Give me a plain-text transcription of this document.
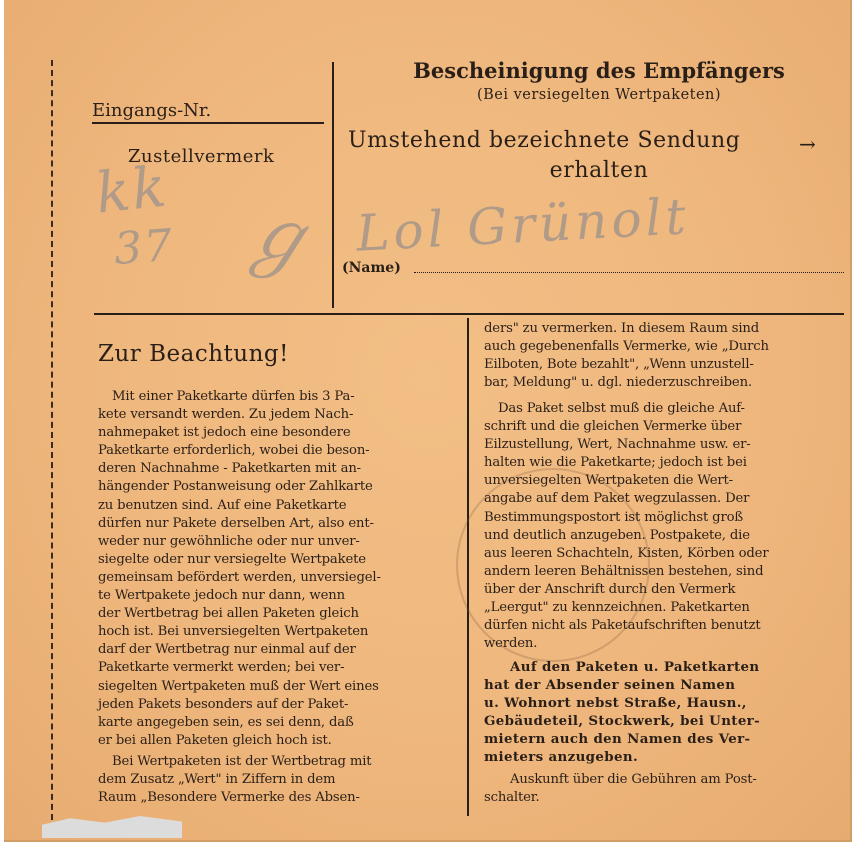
Eingangs-Nr.
Zustellvermerk
kk
37 ℊ
Bescheinigung des Empfängers
(Bei versiegelten Wertpaketen)
Umstehend bezeichnete Sendung	→
erhalten
Lol Grünolt
(Name)
Zur Beachtung!
Mit einer Paketkarte dürfen bis 3 Pa-
kete versandt werden. Zu jedem Nach-
nahmepaket ist jedoch eine besondere
Paketkarte erforderlich, wobei die beson-
deren Nachnahme - Paketkarten mit an-
hängender Postanweisung oder Zahlkarte
zu benutzen sind. Auf eine Paketkarte
dürfen nur Pakete derselben Art, also ent-
weder nur gewöhnliche oder nur unver-
siegelte oder nur versiegelte Wertpakete
gemeinsam befördert werden, unversiegel-
te Wertpakete jedoch nur dann, wenn
der Wertbetrag bei allen Paketen gleich
hoch ist. Bei unversiegelten Wertpaketen
darf der Wertbetrag nur einmal auf der
Paketkarte vermerkt werden; bei ver-
siegelten Wertpaketen muß der Wert eines
jeden Pakets besonders auf der Paket-
karte angegeben sein, es sei denn, daß
er bei allen Paketen gleich hoch ist.
Bei Wertpaketen ist der Wertbetrag mit
dem Zusatz „Wert" in Ziffern in dem
Raum „Besondere Vermerke des Absen-
ders" zu vermerken. In diesem Raum sind
auch gegebenenfalls Vermerke, wie „Durch
Eilboten, Bote bezahlt", „Wenn unzustell-
bar, Meldung" u. dgl. niederzuschreiben.
Das Paket selbst muß die gleiche Auf-
schrift und die gleichen Vermerke über
Eilzustellung, Wert, Nachnahme usw. er-
halten wie die Paketkarte; jedoch ist bei
unversiegelten Wertpaketen die Wert-
angabe auf dem Paket wegzulassen. Der
Bestimmungspostort ist möglichst groß
und deutlich anzugeben. Postpakete, die
aus leeren Schachteln, Kisten, Körben oder
andern leeren Behältnissen bestehen, sind
über der Anschrift durch den Vermerk
„Leergut" zu kennzeichnen. Paketkarten
dürfen nicht als Paketaufschriften benutzt
werden.
Auf den Paketen u. Paketkarten
hat der Absender seinen Namen
u. Wohnort nebst Straße, Hausn.,
Gebäudeteil, Stockwerk, bei Unter-
mietern auch den Namen des Ver-
mieters anzugeben.
Auskunft über die Gebühren am Post-
schalter.
